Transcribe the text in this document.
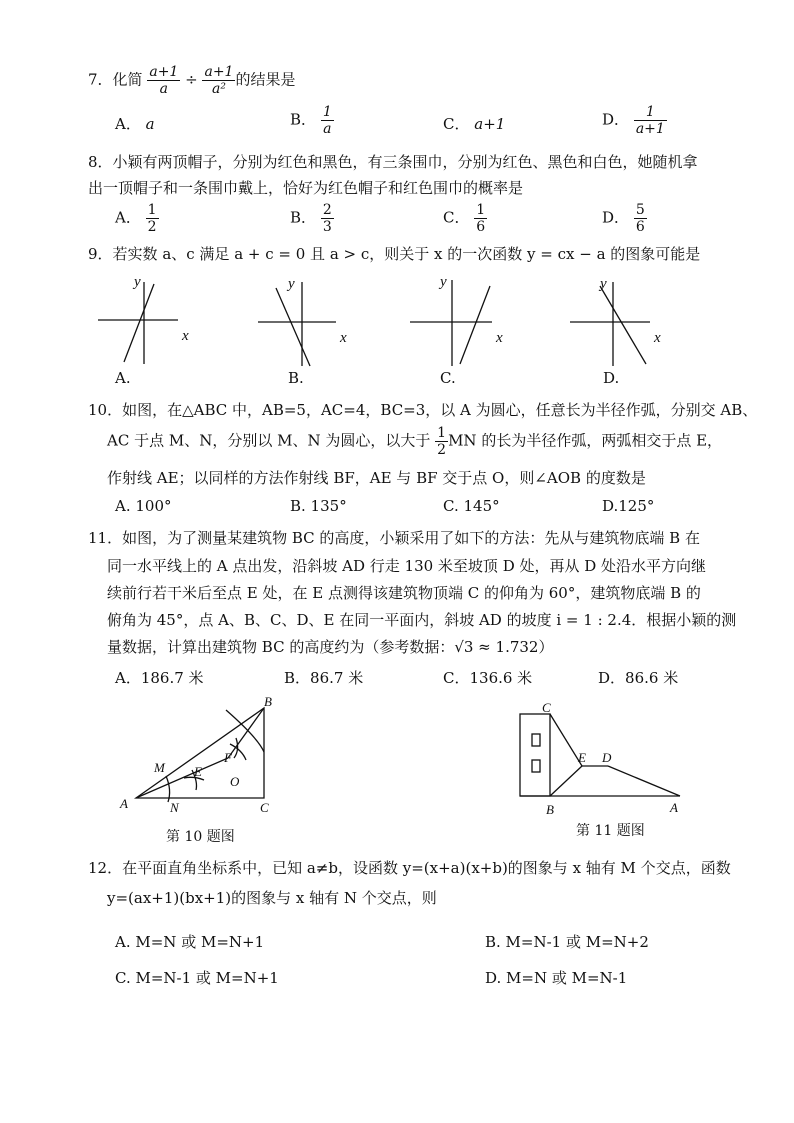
7．化简 $\frac{a+1}{a} \div \frac{a+1}{\text{a²}}$ 的结果是
A． a	B． $\frac{1}{a}$	C． a+1	D． $\frac{1}{a+1}$
8．小颖有两顶帽子，分别为红色和黑色，有三条围巾，分别为红色、黑色和白色，她随机拿
出一顶帽子和一条围巾戴上，恰好为红色帽子和红色围巾的概率是
A． $\frac{1}{2}$	B． $\frac{2}{3}$	C． $\frac{1}{6}$	D． $\frac{5}{6}$
9．若实数 a、c 满足 a + c = 0 且 a > c，则关于 x 的一次函数 y = cx − a 的图象可能是
y
x
y
x
y
x
y
x
A.	B.	C.	D.
10．如图，在△ABC 中，AB=5，AC=4，BC=3，以 A 为圆心，任意长为半径作弧，分别交 AB、
AC 于点 M、N，分别以 M、N 为圆心，以大于 $\frac{1}{2}$ MN 的长为半径作弧，两弧相交于点 E，
作射线 AE；以同样的方法作射线 BF，AE 与 BF 交于点 O，则∠AOB 的度数是
A. 100°	B. 135°	C. 145°	D.125°
11．如图，为了测量某建筑物 BC 的高度，小颖采用了如下的方法：先从与建筑物底端 B 在
同一水平线上的 A 点出发，沿斜坡 AD 行走 130 米至坡顶 D 处，再从 D 处沿水平方向继
续前行若干米后至点 E 处，在 E 点测得该建筑物顶端 C 的仰角为 60°，建筑物底端 B 的
俯角为 45°，点 A、B、C、D、E 在同一平面内，斜坡 AD 的坡度 i = 1 : 2.4．根据小颖的测
量数据，计算出建筑物 BC 的高度约为（参考数据：√3 ≈ 1.732）
A．186.7 米	B．86.7 米	C．136.6 米	D．86.6 米
A
B
C
M
N
E
F
O
第 10 题图
C
B
E D
A
第 11 题图
12．在平面直角坐标系中，已知 a≠b，设函数 y=(x+a)(x+b)的图象与 x 轴有 M 个交点，函数
y=(ax+1)(bx+1)的图象与 x 轴有 N 个交点，则
A. M=N 或 M=N+1	B. M=N-1 或 M=N+2
C. M=N-1 或 M=N+1	D. M=N 或 M=N-1
